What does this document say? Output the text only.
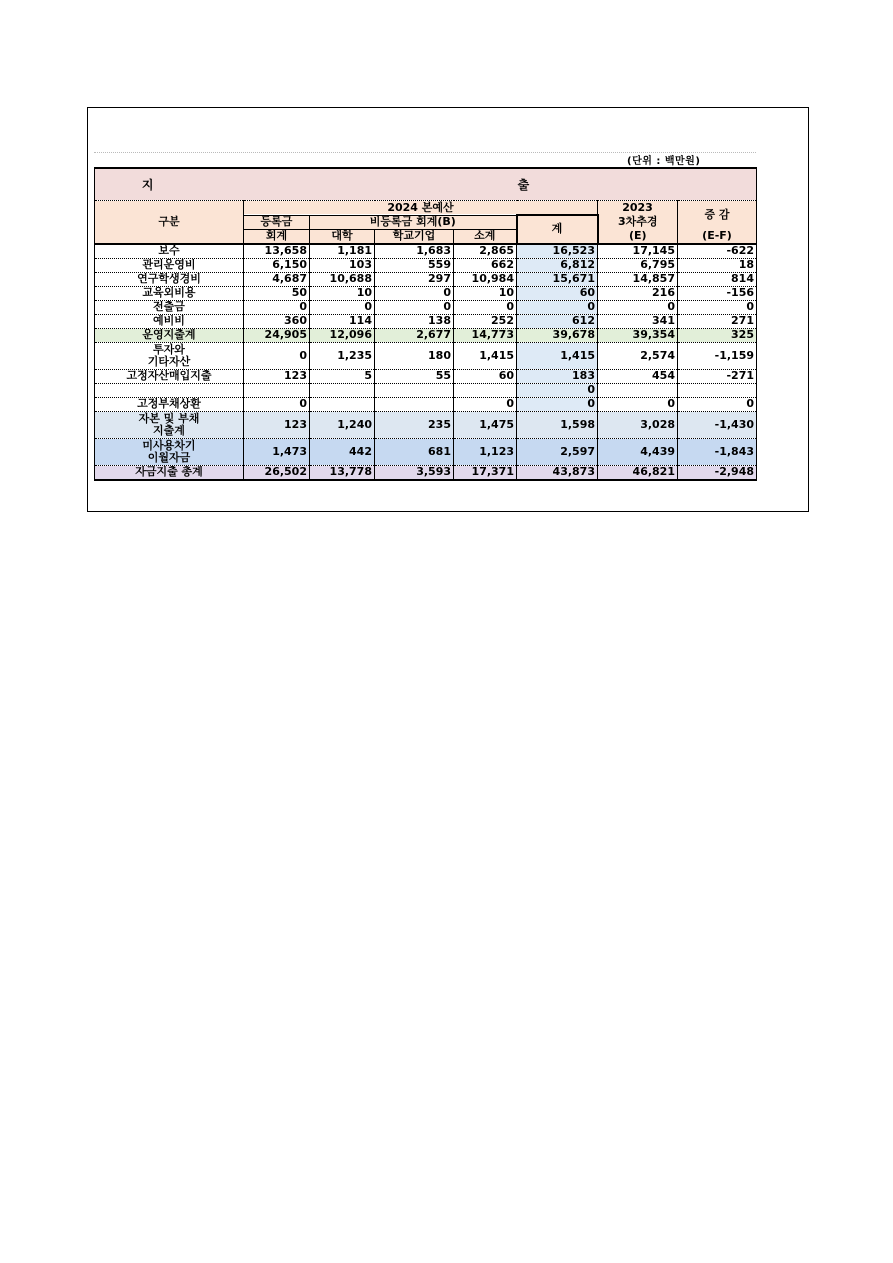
(단위 : 백만원)
지 출							
구분	2024 본예산					2023	증 감
	등록금	비등록금 회계(B)			계	3차추경	
	회계	대학	학교기업	소계		(E)	(E-F)
보수	13,658	1,181	1,683	2,865	16,523	17,145	-622
관리운영비	6,150	103	559	662	6,812	6,795	18
연구학생경비	4,687	10,688	297	10,984	15,671	14,857	814
교육외비용	50	10	0	10	60	216	-156
전출금	0	0	0	0	0	0	0
예비비	360	114	138	252	612	341	271
운영지출계	24,905	12,096	2,677	14,773	39,678	39,354	325

투자와
기타자산	0	1,235	180	1,415	1,415	2,574	-1,159
고정자산매입지출	123	5	55	60	183	454	-271
					0		
고정부채상환	0			0	0	0	0

자본 및 부채
지출계	123	1,240	235	1,475	1,598	3,028	-1,430

미사용차기
이월자금	1,473	442	681	1,123	2,597	4,439	-1,843
자금지출 총계	26,502	13,778	3,593	17,371	43,873	46,821	-2,948
